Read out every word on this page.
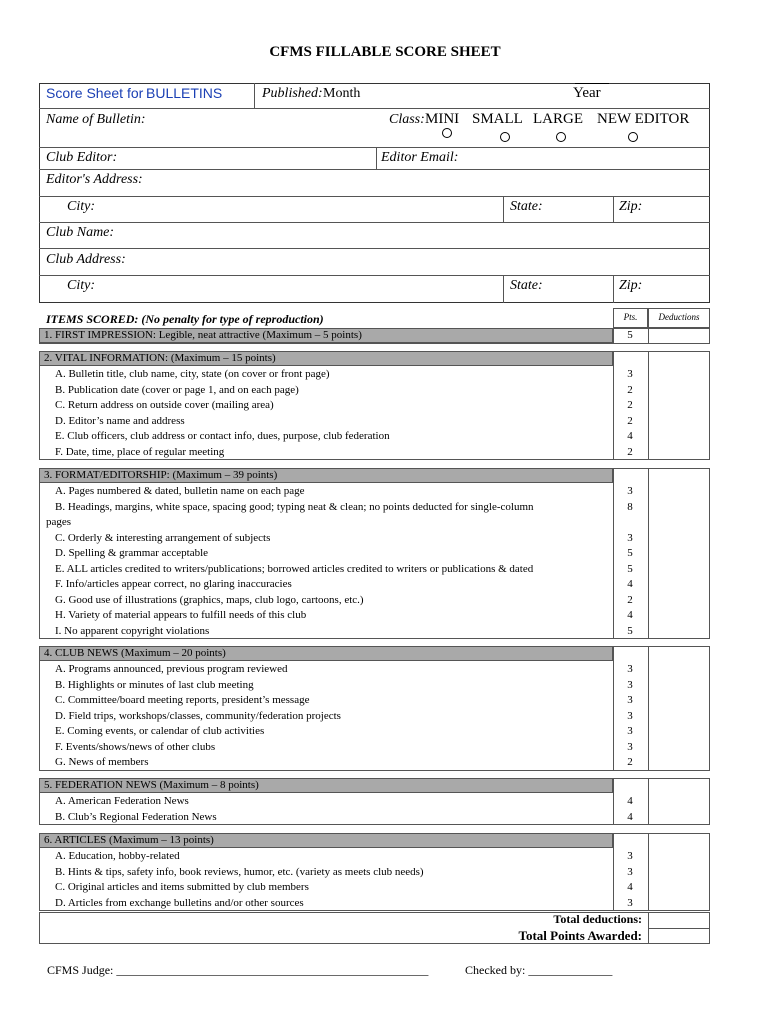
CFMS FILLABLE SCORE SHEET
Score Sheet for BULLETINS	Published: Month	Year
Name of Bulletin:	Class: MINI SMALL LARGE NEW EDITOR
Club Editor:	Editor Email:
Editor's Address:
City:	State:	Zip:
Club Name:
Club Address:
City:	State:	Zip:
ITEMS SCORED: (No penalty for type of reproduction)	Pts.	Deductions
1. FIRST IMPRESSION: Legible, neat attractive (Maximum – 5 points)	5
2. VITAL INFORMATION: (Maximum – 15 points)
A. Bulletin title, club name, city, state (on cover or front page)	3
B. Publication date (cover or page 1, and on each page)	2
C. Return address on outside cover (mailing area)	2
D. Editor’s name and address	2
E. Club officers, club address or contact info, dues, purpose, club federation	4
F. Date, time, place of regular meeting	2
3. FORMAT/EDITORSHIP: (Maximum – 39 points)
A. Pages numbered & dated, bulletin name on each page	3
B. Headings, margins, white space, spacing good; typing neat & clean; no points deducted for single-column	8
pages
C. Orderly & interesting arrangement of subjects	3
D. Spelling & grammar acceptable	5
E. ALL articles credited to writers/publications; borrowed articles credited to writers or publications & dated	5
F. Info/articles appear correct, no glaring inaccuracies	4
G. Good use of illustrations (graphics, maps, club logo, cartoons, etc.)	2
H. Variety of material appears to fulfill needs of this club	4
I. No apparent copyright violations	5
4. CLUB NEWS (Maximum – 20 points)
A. Programs announced, previous program reviewed	3
B. Highlights or minutes of last club meeting	3
C. Committee/board meeting reports, president’s message	3
D. Field trips, workshops/classes, community/federation projects	3
E. Coming events, or calendar of club activities	3
F. Events/shows/news of other clubs	3
G. News of members	2
5. FEDERATION NEWS (Maximum – 8 points)
A. American Federation News	4
B. Club’s Regional Federation News	4
6. ARTICLES (Maximum – 13 points)
A. Education, hobby-related	3
B. Hints & tips, safety info, book reviews, humor, etc. (variety as meets club needs)	3
C. Original articles and items submitted by club members	4
D. Articles from exchange bulletins and/or other sources	3
Total deductions:
Total Points Awarded:
CFMS Judge: ____________________________________________________	Checked by: ______________
